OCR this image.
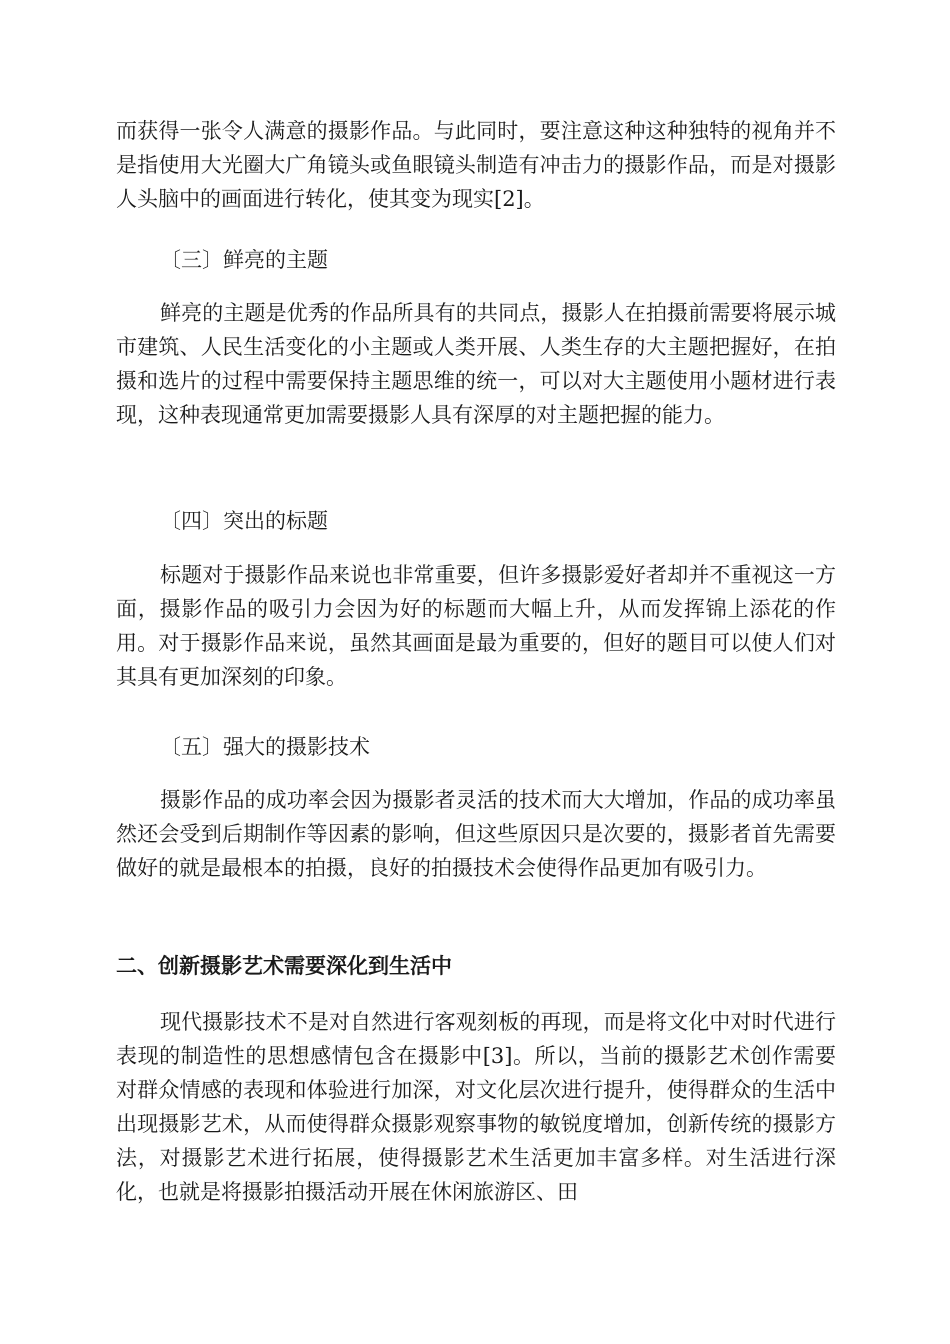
而获得一张令人满意的摄影作品。与此同时，要注意这种这种独特的视角并不是指使用大光圈大广角镜头或鱼眼镜头制造有冲击力的摄影作品，而是对摄影人头脑中的画面进行转化，使其变为现实[2]。

〔三〕鲜亮的主题

鲜亮的主题是优秀的作品所具有的共同点，摄影人在拍摄前需要将展示城市建筑、人民生活变化的小主题或人类开展、人类生存的大主题把握好，在拍摄和选片的过程中需要保持主题思维的统一，可以对大主题使用小题材进行表现，这种表现通常更加需要摄影人具有深厚的对主题把握的能力。

〔四〕突出的标题

标题对于摄影作品来说也非常重要，但许多摄影爱好者却并不重视这一方面，摄影作品的吸引力会因为好的标题而大幅上升，从而发挥锦上添花的作用。对于摄影作品来说，虽然其画面是最为重要的，但好的题目可以使人们对其具有更加深刻的印象。

〔五〕强大的摄影技术

摄影作品的成功率会因为摄影者灵活的技术而大大增加，作品的成功率虽然还会受到后期制作等因素的影响，但这些原因只是次要的，摄影者首先需要做好的就是最根本的拍摄，良好的拍摄技术会使得作品更加有吸引力。

二、创新摄影艺术需要深化到生活中

现代摄影技术不是对自然进行客观刻板的再现，而是将文化中对时代进行表现的制造性的思想感情包含在摄影中[3]。所以，当前的摄影艺术创作需要对群众情感的表现和体验进行加深，对文化层次进行提升，使得群众的生活中出现摄影艺术，从而使得群众摄影观察事物的敏锐度增加，创新传统的摄影方法，对摄影艺术进行拓展，使得摄影艺术生活更加丰富多样。对生活进行深化，也就是将摄影拍摄活动开展在休闲旅游区、田
